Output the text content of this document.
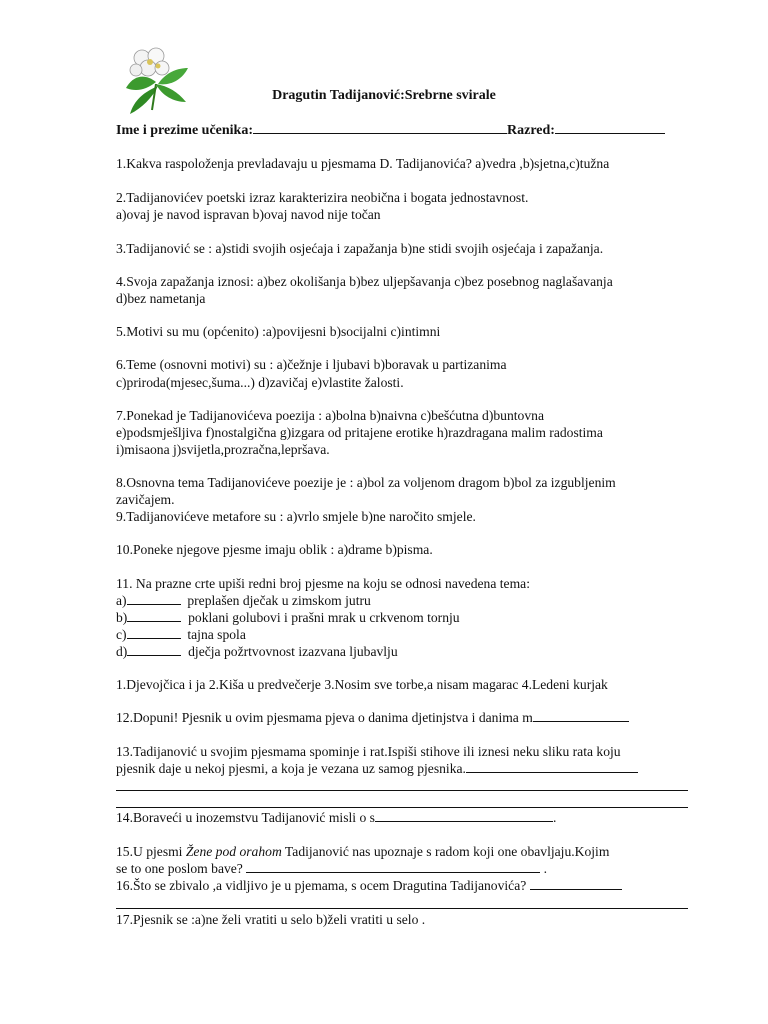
Dragutin Tadijanović:Srebrne svirale
Ime i prezime učenika:	Razred:
1.Kakva raspoloženja prevladavaju u pjesmama D. Tadijanovića? a)vedra ,b)sjetna,c)tužna
2.Tadijanovićev poetski izraz karakterizira neobična i bogata jednostavnost.
a)ovaj je navod ispravan b)ovaj navod nije točan
3.Tadijanović se : a)stidi svojih osjećaja i zapažanja b)ne stidi svojih osjećaja i zapažanja.
4.Svoja zapažanja iznosi: a)bez okolišanja b)bez uljepšavanja c)bez posebnog naglašavanja
d)bez nametanja
5.Motivi su mu (općenito) :a)povijesni b)socijalni c)intimni
6.Teme (osnovni motivi) su : a)čežnje i ljubavi b)boravak u partizanima
c)priroda(mjesec,šuma...) d)zavičaj e)vlastite žalosti.
7.Ponekad je Tadijanovićeva poezija : a)bolna b)naivna c)bešćutna d)buntovna
e)podsmješljiva f)nostalgična g)izgara od pritajene erotike h)razdragana malim radostima
i)misaona j)svijetla,prozračna,lepršava.
8.Osnovna tema Tadijanovićeve poezije je : a)bol za voljenom dragom b)bol za izgubljenim
zavičajem.
9.Tadijanovićeve metafore su : a)vrlo smjele b)ne naročito smjele.
10.Poneke njegove pjesme imaju oblik : a)drame b)pisma.
11. Na prazne crte upiši redni broj pjesme na koju se odnosi navedena tema:
a)	preplašen dječak u zimskom jutru
b)	poklani golubovi i prašni mrak u crkvenom tornju
c)	tajna spola
d)	dječja požrtvovnost izazvana ljubavlju
1.Djevojčica i ja 2.Kiša u predvečerje 3.Nosim sve torbe,a nisam magarac 4.Ledeni kurjak
12.Dopuni! Pjesnik u ovim pjesmama pjeva o danima djetinjstva i danima m
13.Tadijanović u svojim pjesmama spominje i rat.Ispiši stihove ili iznesi neku sliku rata koju
pjesnik daje u nekoj pjesmi, a koja je vezana uz samog pjesnika.
14.Boraveći u inozemstvu Tadijanović misli o s	.
15.U pjesmi Žene pod orahom Tadijanović nas upoznaje s radom koji one obavljaju.Kojim
se to one poslom bave?	.
16.Što se zbivalo ,a vidljivo je u pjemama, s ocem Dragutina Tadijanovića?
17.Pjesnik se :a)ne želi vratiti u selo b)želi vratiti u selo .
